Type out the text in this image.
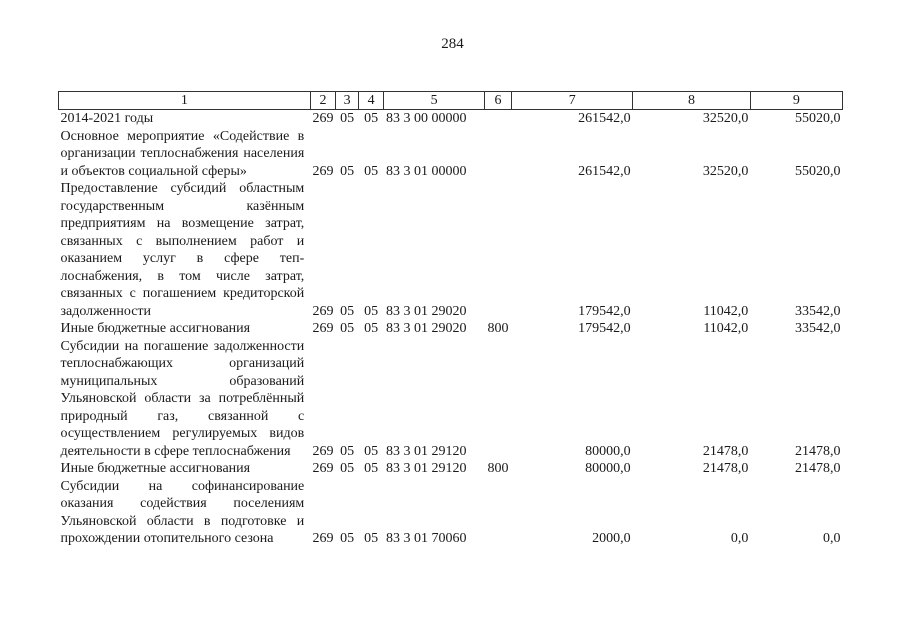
284
1	2	3	4	5	6	7	8	9
2014-2021 годы	269	05	05	83 3 00 00000		261542,0	32520,0	55020,0
Основное мероприятие «Содействие в организации теплоснабжения населения и объектов социальной сферы»	269	05	05	83 3 01 00000		261542,0	32520,0	55020,0
Предоставление субсидий областным государственным казённым предприятиям на возмещение затрат, связанных с выполнением работ и оказанием услуг в сфере теплоснабжения, в том числе затрат, связанных с погашением кредиторской задолженности	269	05	05	83 3 01 29020		179542,0	11042,0	33542,0
Иные бюджетные ассигнования	269	05	05	83 3 01 29020	800	179542,0	11042,0	33542,0
Субсидии на погашение задолженности теплоснабжающих организаций муниципальных образований Ульяновской области за потреблённый природный газ, связанной с осуществлением регулируемых видов деятельности в сфере теплоснабжения	269	05	05	83 3 01 29120		80000,0	21478,0	21478,0
Иные бюджетные ассигнования	269	05	05	83 3 01 29120	800	80000,0	21478,0	21478,0
Субсидии на софинансирование оказания содействия поселениям Ульяновской области в подготовке и прохождении отопительного сезона	269	05	05	83 3 01 70060		2000,0	0,0	0,0
